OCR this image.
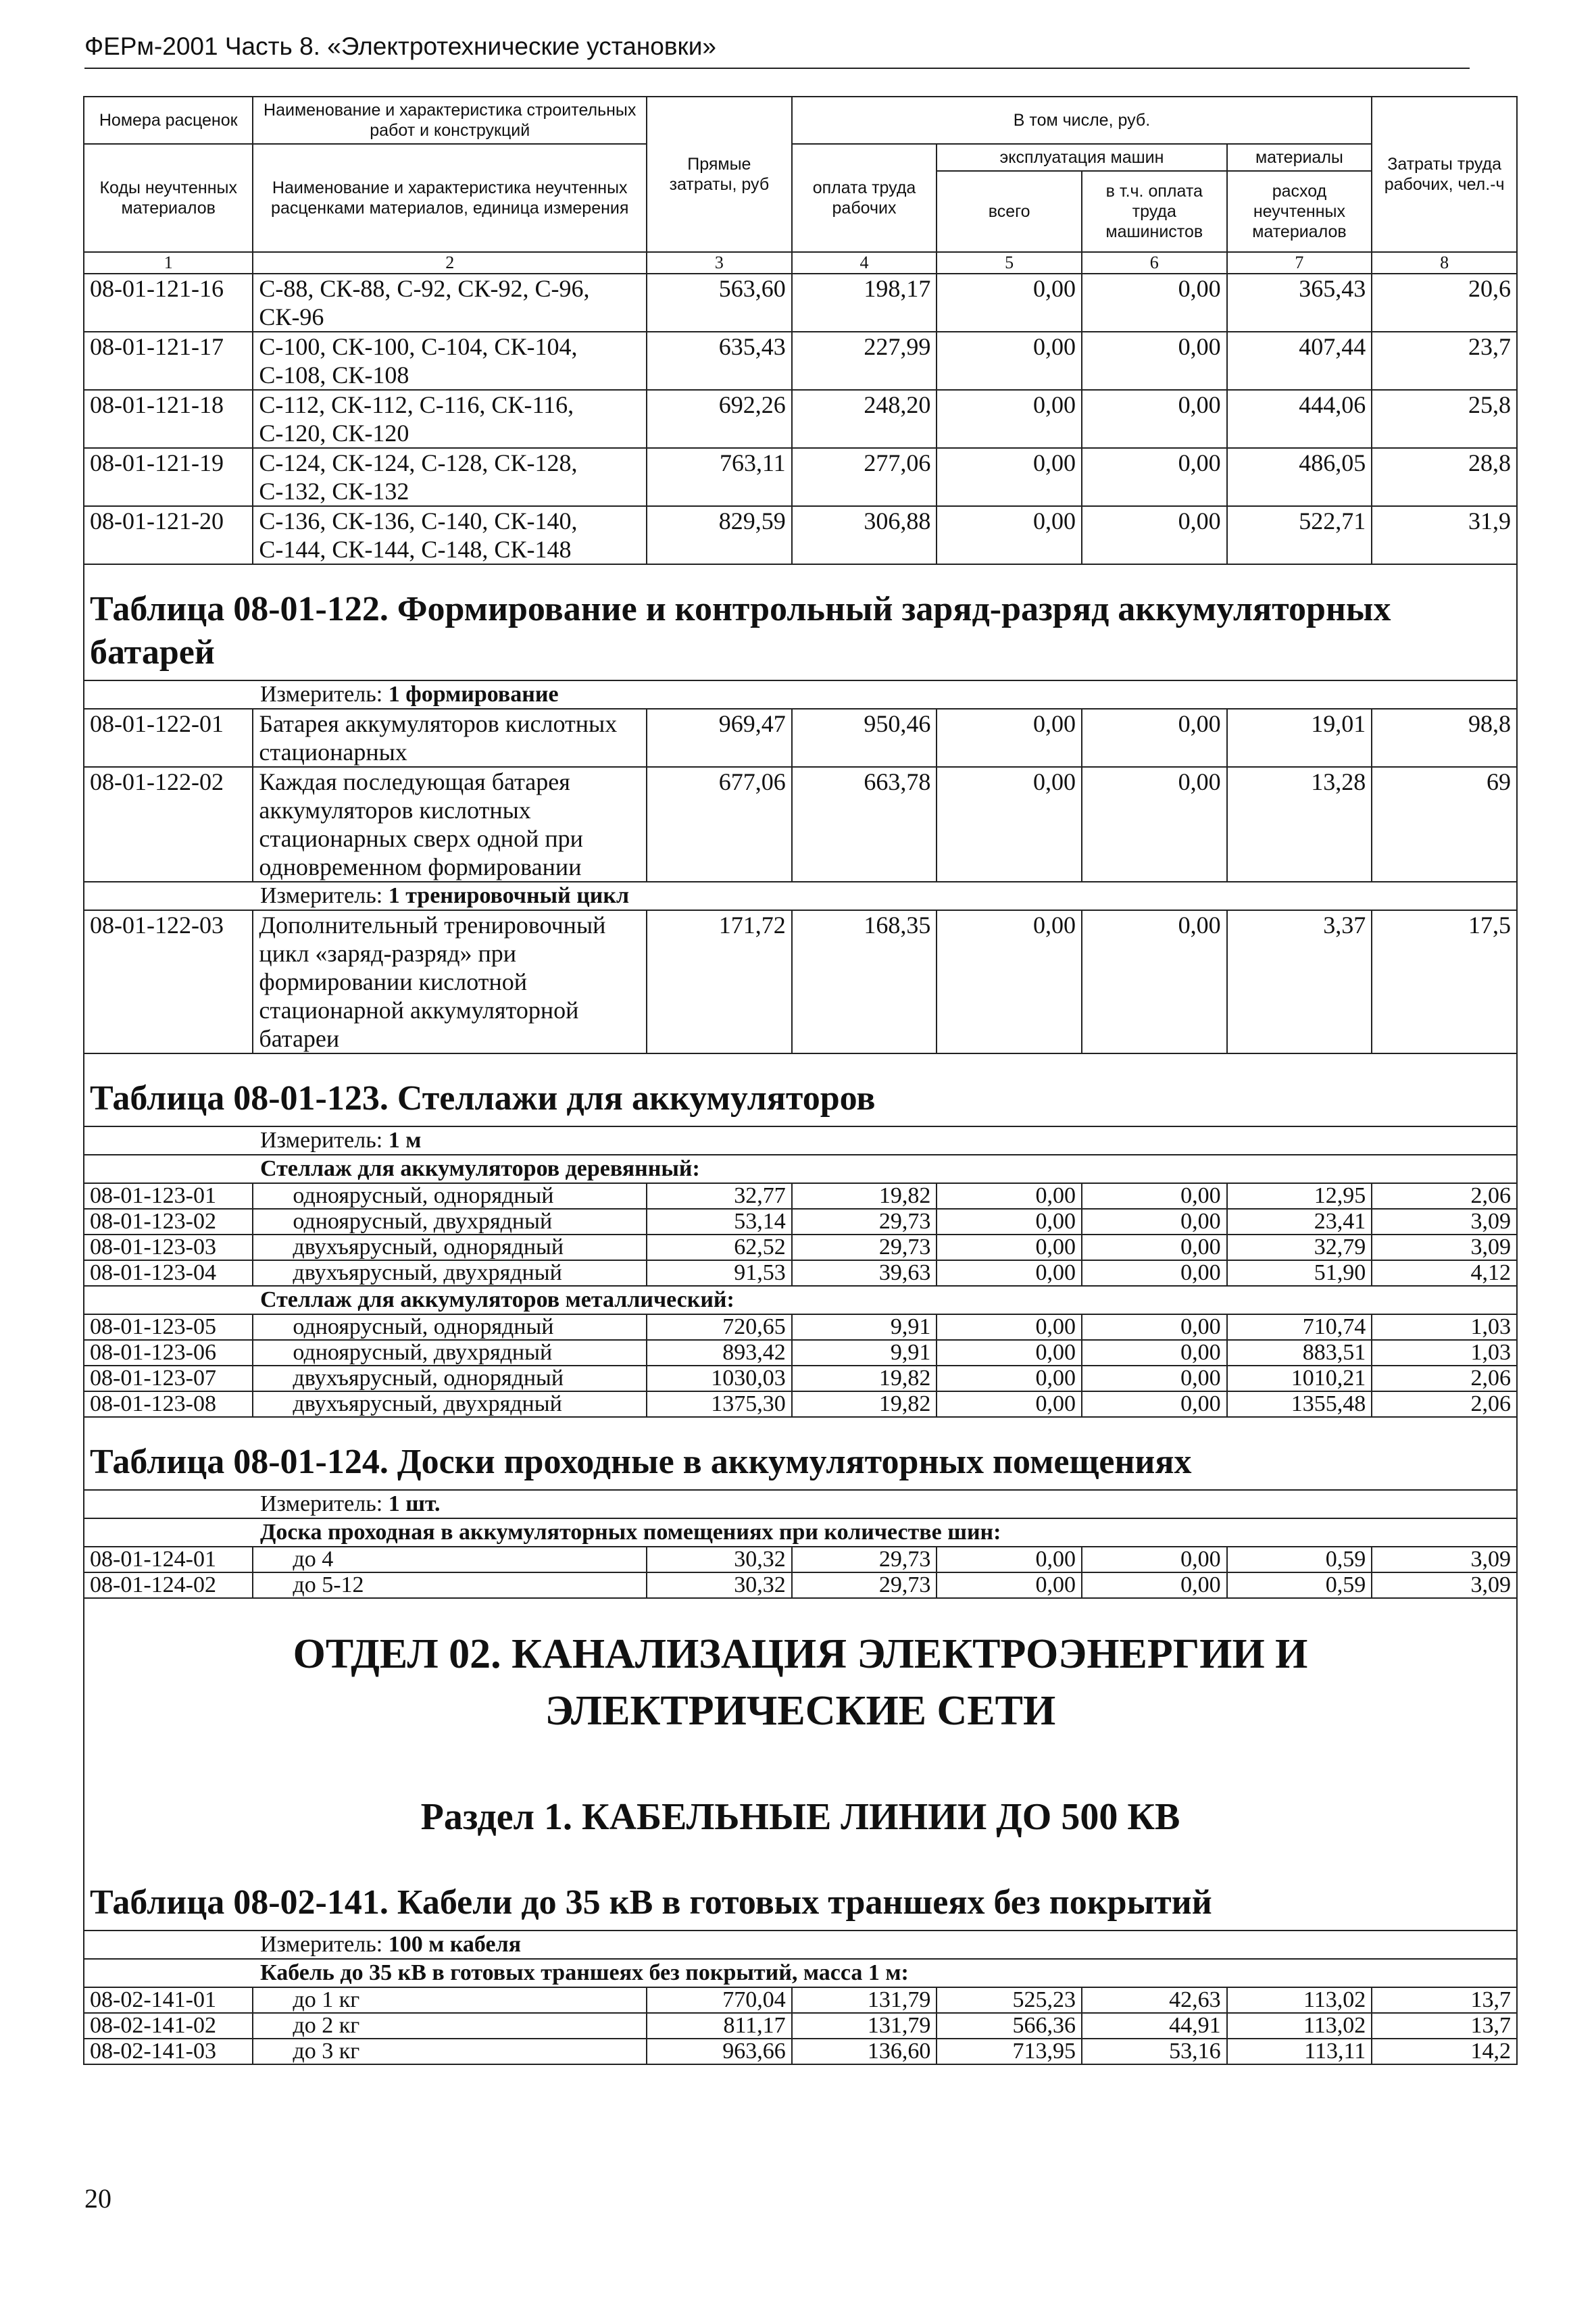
ФЕРм-2001 Часть 8. «Электротехнические установки»
Номера расценок	Наименование и характеристика строительных работ и конструкций	Прямые затраты, руб	В том числе, руб.				Затраты труда рабочих, чел.-ч
Коды неучтенных материалов	Наименование и характеристика неучтенных расценками материалов, единица измерения		оплата труда рабочих	эксплуатация машин		материалы	
				всего	в т.ч. оплата труда машинистов	расход неучтенных материалов	
1	2	3	4	5	6	7	8
08-01-121-16	С-88, СК-88, С-92, СК-92, С-96, СК-96	563,60	198,17	0,00	0,00	365,43	20,6
08-01-121-17	С-100, СК-100, С-104, СК-104, С-108, СК-108	635,43	227,99	0,00	0,00	407,44	23,7
08-01-121-18	С-112, СК-112, С-116, СК-116, С-120, СК-120	692,26	248,20	0,00	0,00	444,06	25,8
08-01-121-19	С-124, СК-124, С-128, СК-128, С-132, СК-132	763,11	277,06	0,00	0,00	486,05	28,8
08-01-121-20	С-136, СК-136, С-140, СК-140, С-144, СК-144, С-148, СК-148	829,59	306,88	0,00	0,00	522,71	31,9
Таблица 08-01-122. Формирование и контрольный заряд-разряд аккумуляторных батарей							
Измеритель: 1 формирование							
08-01-122-01	Батарея аккумуляторов кислотных стационарных	969,47	950,46	0,00	0,00	19,01	98,8
08-01-122-02	Каждая последующая батарея аккумуляторов кислотных стационарных сверх одной при одновременном формировании	677,06	663,78	0,00	0,00	13,28	69
Измеритель: 1 тренировочный цикл							
08-01-122-03	Дополнительный тренировочный цикл «заряд-разряд» при формировании кислотной стационарной аккумуляторной батареи	171,72	168,35	0,00	0,00	3,37	17,5
Таблица 08-01-123. Стеллажи для аккумуляторов							
Измеритель: 1 м							
Стеллаж для аккумуляторов деревянный:							
08-01-123-01	одноярусный, однорядный	32,77	19,82	0,00	0,00	12,95	2,06
08-01-123-02	одноярусный, двухрядный	53,14	29,73	0,00	0,00	23,41	3,09
08-01-123-03	двухъярусный, однорядный	62,52	29,73	0,00	0,00	32,79	3,09
08-01-123-04	двухъярусный, двухрядный	91,53	39,63	0,00	0,00	51,90	4,12
Стеллаж для аккумуляторов металлический:							
08-01-123-05	одноярусный, однорядный	720,65	9,91	0,00	0,00	710,74	1,03
08-01-123-06	одноярусный, двухрядный	893,42	9,91	0,00	0,00	883,51	1,03
08-01-123-07	двухъярусный, однорядный	1030,03	19,82	0,00	0,00	1010,21	2,06
08-01-123-08	двухъярусный, двухрядный	1375,30	19,82	0,00	0,00	1355,48	2,06
Таблица 08-01-124. Доски проходные в аккумуляторных помещениях							
Измеритель: 1 шт.							
Доска проходная в аккумуляторных помещениях при количестве шин:							
08-01-124-01	до 4	30,32	29,73	0,00	0,00	0,59	3,09
08-01-124-02	до 5-12	30,32	29,73	0,00	0,00	0,59	3,09
ОТДЕЛ 02. КАНАЛИЗАЦИЯ ЭЛЕКТРОЭНЕРГИИ И ЭЛЕКТРИЧЕСКИЕ СЕТИ							
Раздел 1. КАБЕЛЬНЫЕ ЛИНИИ ДО 500 КВ							
Таблица 08-02-141. Кабели до 35 кВ в готовых траншеях без покрытий							
Измеритель: 100 м кабеля							
Кабель до 35 кВ в готовых траншеях без покрытий, масса 1 м:							
08-02-141-01	до 1 кг	770,04	131,79	525,23	42,63	113,02	13,7
08-02-141-02	до 2 кг	811,17	131,79	566,36	44,91	113,02	13,7
08-02-141-03	до 3 кг	963,66	136,60	713,95	53,16	113,11	14,2
20
